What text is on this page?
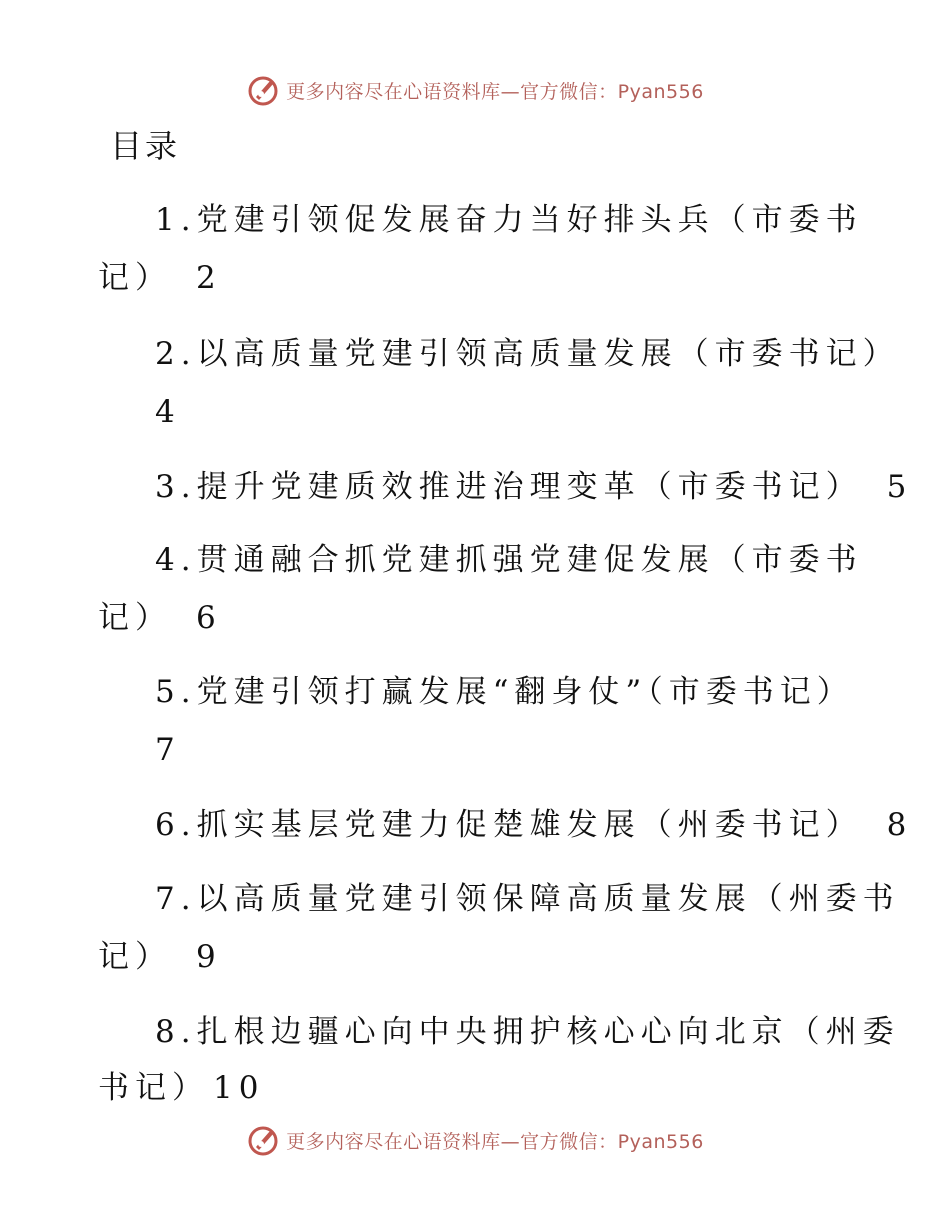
更多内容尽在心语资料库—官方微信：Pyan556
目录
1.党建引领促发展奋力当好排头兵（市委书
记） 2
2.以高质量党建引领高质量发展（市委书记）
4
3.提升党建质效推进治理变革（市委书记） 5
4.贯通融合抓党建抓强党建促发展（市委书
记） 6
5.党建引领打赢发展“翻身仗”（市委书记）
7
6.抓实基层党建力促楚雄发展（州委书记） 8
7.以高质量党建引领保障高质量发展（州委书
记） 9
8.扎根边疆心向中央拥护核心心向北京（州委
书记） 10
更多内容尽在心语资料库—官方微信：Pyan556
